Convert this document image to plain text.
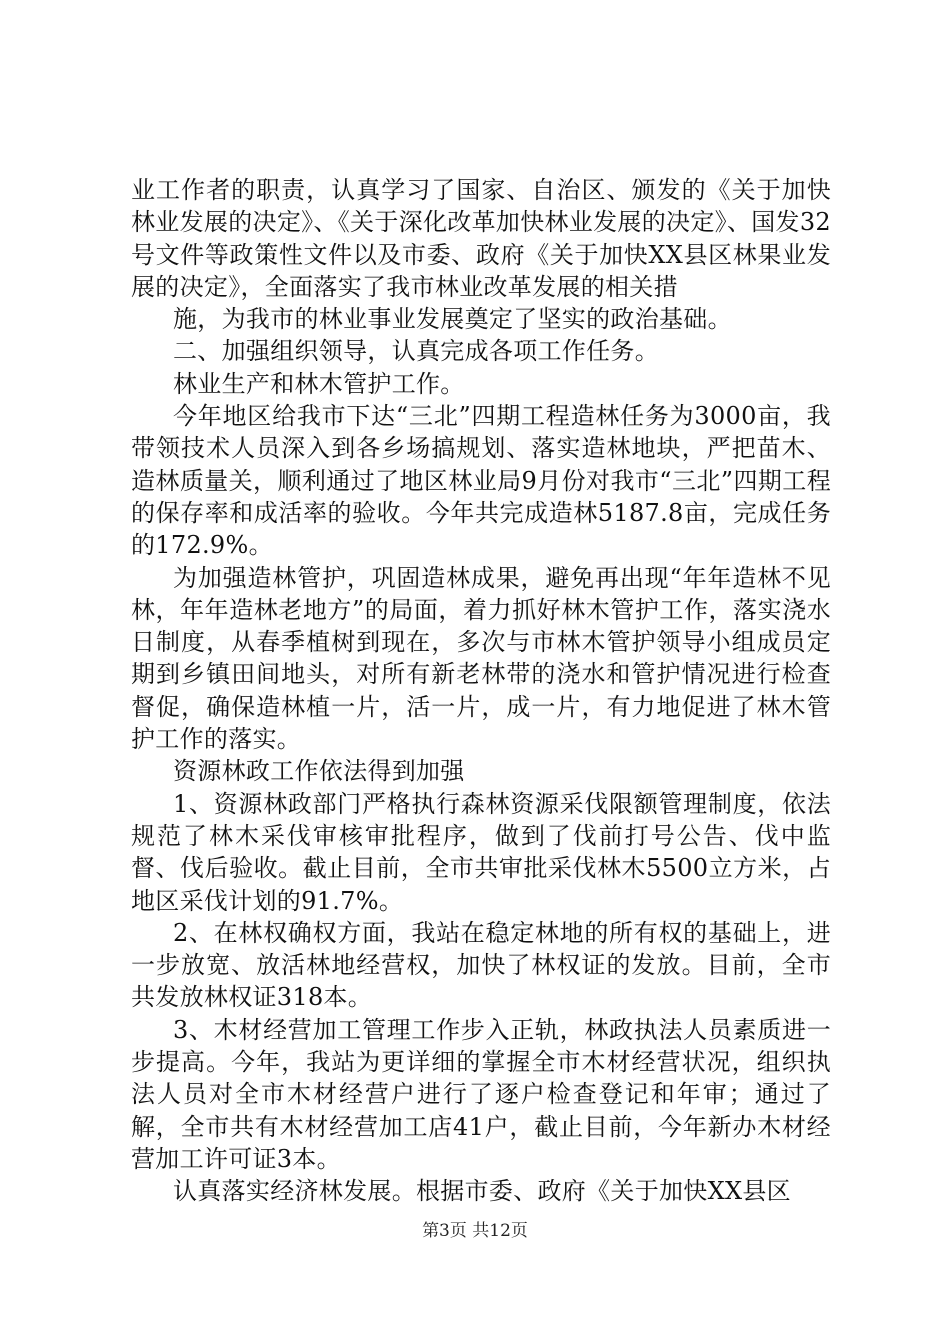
业工作者的职责，认真学习了国家、自治区、颁发的《关于加快林业发展的决定》、《关于深化改革加快林业发展的决定》、国发32号文件等政策性文件以及市委、政府《关于加快XX县区林果业发展的决定》，全面落实了我市林业改革发展的相关措

施，为我市的林业事业发展奠定了坚实的政治基础。

二、加强组织领导，认真完成各项工作任务。

林业生产和林木管护工作。

今年地区给我市下达“三北”四期工程造林任务为3000亩，我带领技术人员深入到各乡场搞规划、落实造林地块，严把苗木、造林质量关，顺利通过了地区林业局9月份对我市“三北”四期工程的保存率和成活率的验收。今年共完成造林5187.8亩，完成任务的172.9%。

为加强造林管护，巩固造林成果，避免再出现“年年造林不见林，年年造林老地方”的局面，着力抓好林木管护工作，落实浇水日制度，从春季植树到现在，多次与市林木管护领导小组成员定期到乡镇田间地头，对所有新老林带的浇水和管护情况进行检查督促，确保造林植一片，活一片，成一片，有力地促进了林木管护工作的落实。

资源林政工作依法得到加强

1、资源林政部门严格执行森林资源采伐限额管理制度，依法规范了林木采伐审核审批程序，做到了伐前打号公告、伐中监督、伐后验收。截止目前，全市共审批采伐林木5500立方米，占地区采伐计划的91.7%。

2、在林权确权方面，我站在稳定林地的所有权的基础上，进一步放宽、放活林地经营权，加快了林权证的发放。目前，全市共发放林权证318本。

3、木材经营加工管理工作步入正轨，林政执法人员素质进一步提高。今年，我站为更详细的掌握全市木材经营状况，组织执法人员对全市木材经营户进行了逐户检查登记和年审；通过了解，全市共有木材经营加工店41户，截止目前，今年新办木材经营加工许可证3本。

认真落实经济林发展。根据市委、政府《关于加快XX县区

第3页 共12页
